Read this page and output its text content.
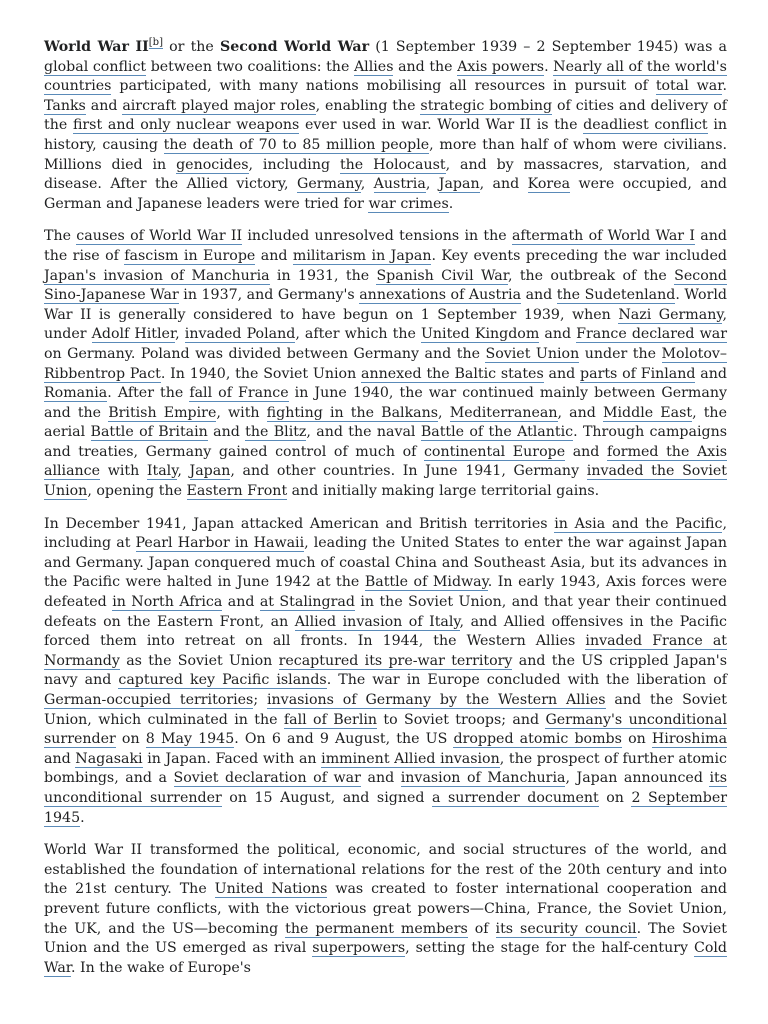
World War II[b] or the Second World War (1 September 1939 – 2 September 1945) was a global conflict between two coalitions: the Allies and the Axis powers. Nearly all of the world's countries participated, with many nations mobilising all resources in pursuit of total war. Tanks and aircraft played major roles, enabling the strategic bombing of cities and delivery of the first and only nuclear weapons ever used in war. World War II is the deadliest conflict in history, causing the death of 70 to 85 million people, more than half of whom were civilians. Millions died in genocides, including the Holocaust, and by massacres, starvation, and disease. After the Allied victory, Germany, Austria, Japan, and Korea were occupied, and German and Japanese leaders were tried for war crimes.

The causes of World War II included unresolved tensions in the aftermath of World War I and the rise of fascism in Europe and militarism in Japan. Key events preceding the war included Japan's invasion of Manchuria in 1931, the Spanish Civil War, the outbreak of the Second Sino-Japanese War in 1937, and Germany's annexations of Austria and the Sudetenland. World War II is generally considered to have begun on 1 September 1939, when Nazi Germany, under Adolf Hitler, invaded Poland, after which the United Kingdom and France declared war on Germany. Poland was divided between Germany and the Soviet Union under the Molotov–Ribbentrop Pact. In 1940, the Soviet Union annexed the Baltic states and parts of Finland and Romania. After the fall of France in June 1940, the war continued mainly between Germany and the British Empire, with fighting in the Balkans, Mediterranean, and Middle East, the aerial Battle of Britain and the Blitz, and the naval Battle of the Atlantic. Through campaigns and treaties, Germany gained control of much of continental Europe and formed the Axis alliance with Italy, Japan, and other countries. In June 1941, Germany invaded the Soviet Union, opening the Eastern Front and initially making large territorial gains.

In December 1941, Japan attacked American and British territories in Asia and the Pacific, including at Pearl Harbor in Hawaii, leading the United States to enter the war against Japan and Germany. Japan conquered much of coastal China and Southeast Asia, but its advances in the Pacific were halted in June 1942 at the Battle of Midway. In early 1943, Axis forces were defeated in North Africa and at Stalingrad in the Soviet Union, and that year their continued defeats on the Eastern Front, an Allied invasion of Italy, and Allied offensives in the Pacific forced them into retreat on all fronts. In 1944, the Western Allies invaded France at Normandy as the Soviet Union recaptured its pre-war territory and the US crippled Japan's navy and captured key Pacific islands. The war in Europe concluded with the liberation of German-occupied territories; invasions of Germany by the Western Allies and the Soviet Union, which culminated in the fall of Berlin to Soviet troops; and Germany's unconditional surrender on 8 May 1945. On 6 and 9 August, the US dropped atomic bombs on Hiroshima and Nagasaki in Japan. Faced with an imminent Allied invasion, the prospect of further atomic bombings, and a Soviet declaration of war and invasion of Manchuria, Japan announced its unconditional surrender on 15 August, and signed a surrender document on 2 September 1945.

World War II transformed the political, economic, and social structures of the world, and established the foundation of international relations for the rest of the 20th century and into the 21st century. The United Nations was created to foster international cooperation and prevent future conflicts, with the victorious great powers—China, France, the Soviet Union, the UK, and the US—becoming the permanent members of its security council. The Soviet Union and the US emerged as rival superpowers, setting the stage for the half-century Cold War. In the wake of Europe's
